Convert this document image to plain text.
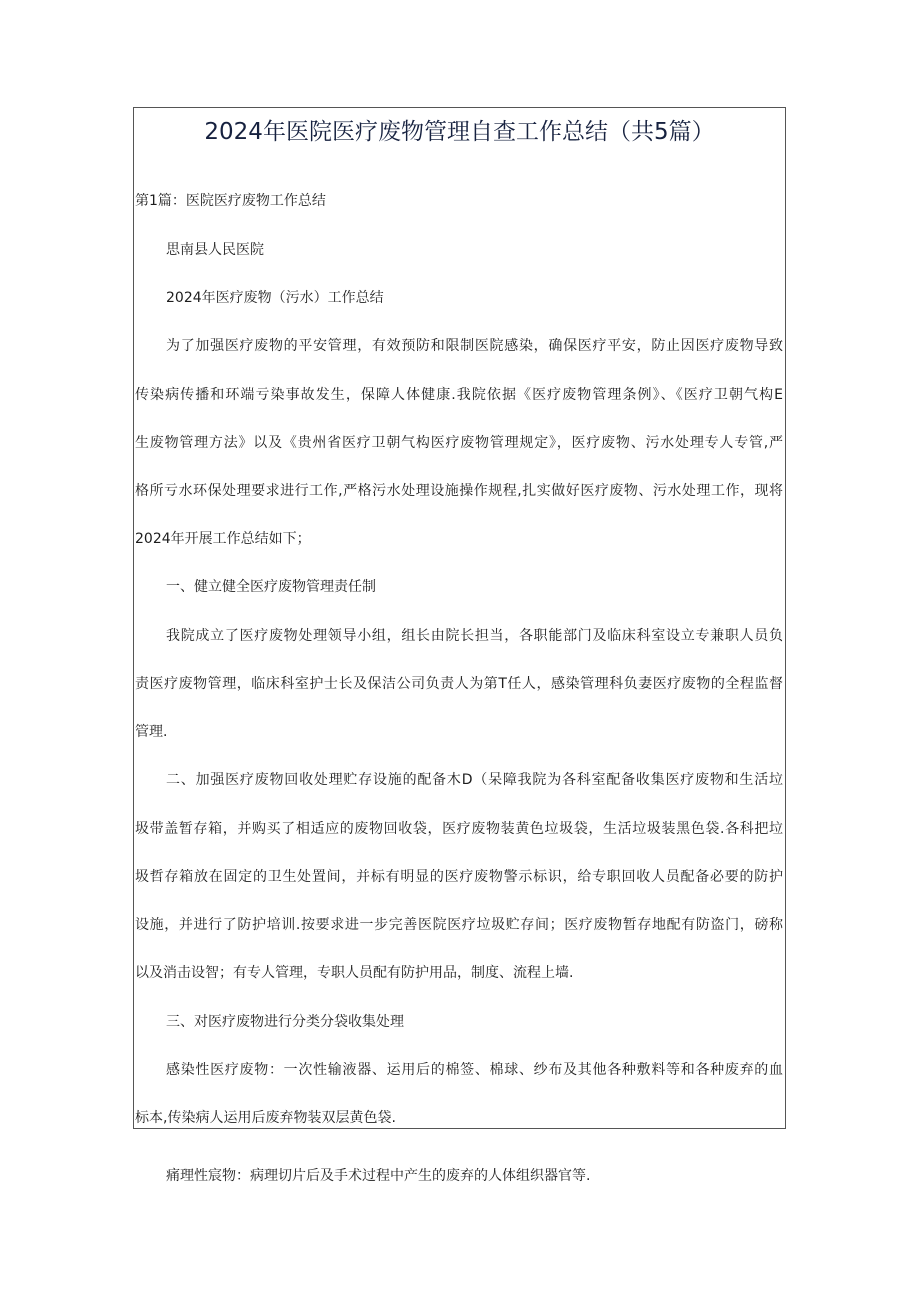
2024年医院医疗废物管理自查工作总结（共5篇）
第1篇：医院医疗废物工作总结
思南县人民医院
2024年医疗废物（污水）工作总结
为了加强医疗废物的平安管理，有效预防和限制医院感染，确保医疗平安，防止因医疗废物导致
传染病传播和环端亏染事故发生，保障人体健康.我院依据《医疗废物管理条例》、《医疗卫朝气构E
生废物管理方法》以及《贵州省医疗卫朝气构医疗废物管理规定》，医疗废物、污水处理专人专管,严
格所亏水环保处理要求进行工作,严格污水处理设施操作规程,扎实做好医疗废物、污水处理工作，现将
2024年开展工作总结如下；
一、健立健全医疗废物管理责任制
我院成立了医疗废物处理领导小组，组长由院长担当，各职能部门及临床科室设立专兼职人员负
责医疗废物管理，临床科室护士长及保洁公司负责人为第T任人，感染管理科负妻医疗废物的全程监督
管理.
二、加强医疗废物回收处理贮存设施的配备木D（呆障我院为各科室配备收集医疗废物和生活垃
圾带盖暂存箱，并购买了相适应的废物回收袋，医疗废物装黄色垃圾袋，生活垃圾装黑色袋.各科把垃
圾哲存箱放在固定的卫生处置间，并标有明显的医疗废物警示标识，给专职回收人员配备必要的防护
设施，并进行了防护培训.按要求进一步完善医院医疗垃圾贮存间；医疗废物暂存地配有防盗门，磅称
以及消击设智；有专人管理，专职人员配有防护用品，制度、流程上墙.
三、对医疗废物进行分类分袋收集处理
感染性医疗废物：一次性输液器、运用后的棉签、棉球、纱布及其他各种敷料等和各种废弃的血
标本,传染病人运用后废弃物装双层黄色袋.
痛理性宸物：病理切片后及手术过程中产生的废弃的人体组织器官等.
